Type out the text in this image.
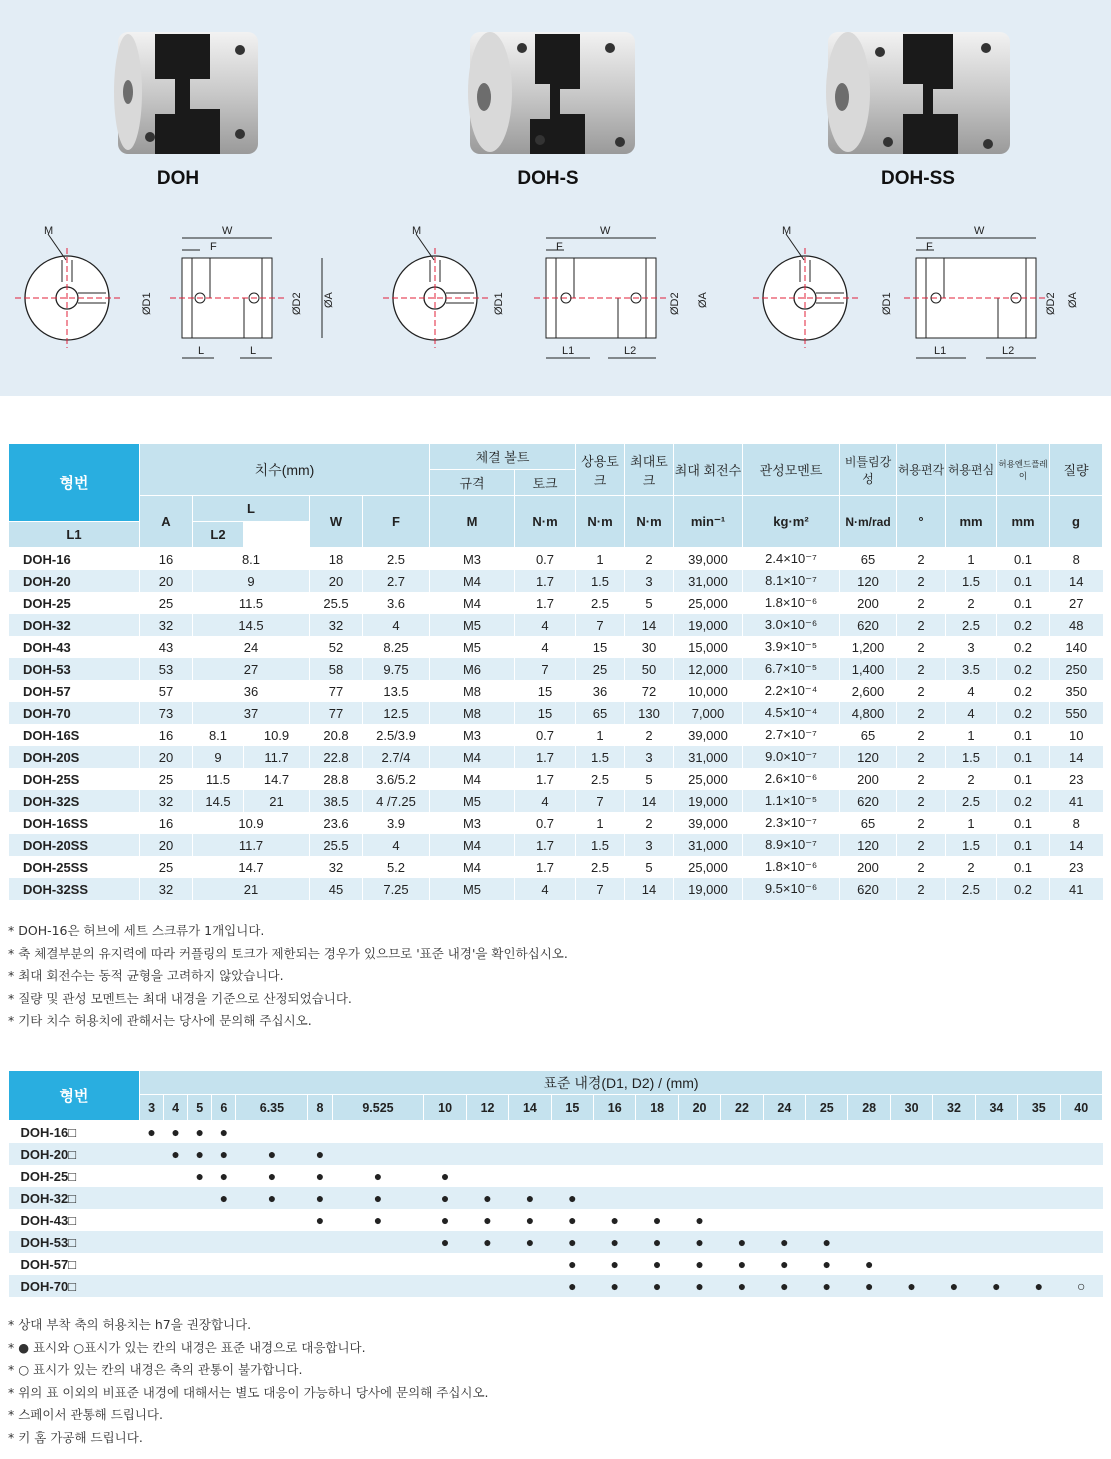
DOH	DOH-S	DOH-SS
M	W
F
ØD1	ØD2 ØA
L	L
M	W
F
ØD1	ØD2 ØA
L1	L2
M	W
F
ØD1	ØD2 ØA
L1	L2
형번	치수(mm)					체결 볼트		상용토크	최대토크	최대 회전수	관성모멘트	비틀림강성	허용편각	허용편심	허용엔드플레이	질량
						규격	토크									
	A	L		W	F	M	N·m	N·m	N·m	min⁻¹	kg·m²	N·m/rad	°	mm	mm	g
L1		L2														
DOH-16	16	8.1		18	2.5	M3	0.7	1	2	39,000	2.4×10⁻⁷	65	2	1	0.1	8
DOH-20	20	9		20	2.7	M4	1.7	1.5	3	31,000	8.1×10⁻⁷	120	2	1.5	0.1	14
DOH-25	25	11.5		25.5	3.6	M4	1.7	2.5	5	25,000	1.8×10⁻⁶	200	2	2	0.1	27
DOH-32	32	14.5		32	4	M5	4	7	14	19,000	3.0×10⁻⁶	620	2	2.5	0.2	48
DOH-43	43	24		52	8.25	M5	4	15	30	15,000	3.9×10⁻⁵	1,200	2	3	0.2	140
DOH-53	53	27		58	9.75	M6	7	25	50	12,000	6.7×10⁻⁵	1,400	2	3.5	0.2	250
DOH-57	57	36		77	13.5	M8	15	36	72	10,000	2.2×10⁻⁴	2,600	2	4	0.2	350
DOH-70	73	37		77	12.5	M8	15	65	130	7,000	4.5×10⁻⁴	4,800	2	4	0.2	550
DOH-16S	16	8.1	10.9	20.8	2.5/3.9	M3	0.7	1	2	39,000	2.7×10⁻⁷	65	2	1	0.1	10
DOH-20S	20	9	11.7	22.8	2.7/4	M4	1.7	1.5	3	31,000	9.0×10⁻⁷	120	2	1.5	0.1	14
DOH-25S	25	11.5	14.7	28.8	3.6/5.2	M4	1.7	2.5	5	25,000	2.6×10⁻⁶	200	2	2	0.1	23
DOH-32S	32	14.5	21	38.5	4 /7.25	M5	4	7	14	19,000	1.1×10⁻⁵	620	2	2.5	0.2	41
DOH-16SS	16	10.9		23.6	3.9	M3	0.7	1	2	39,000	2.3×10⁻⁷	65	2	1	0.1	8
DOH-20SS	20	11.7		25.5	4	M4	1.7	1.5	3	31,000	8.9×10⁻⁷	120	2	1.5	0.1	14
DOH-25SS	25	14.7		32	5.2	M4	1.7	2.5	5	25,000	1.8×10⁻⁶	200	2	2	0.1	23
DOH-32SS	32	21		45	7.25	M5	4	7	14	19,000	9.5×10⁻⁶	620	2	2.5	0.2	41
* DOH-16은 허브에 세트 스크류가 1개입니다.
* 축 체결부분의 유지력에 따라 커플링의 토크가 제한되는 경우가 있으므로 '표준 내경'을 확인하십시오.
* 최대 회전수는 동적 균형을 고려하지 않았습니다.
* 질량 및 관성 모멘트는 최대 내경을 기준으로 산정되었습니다.
* 기타 치수 허용치에 관해서는 당사에 문의해 주십시오.
형번	표준 내경(D1, D2) / (mm)																						
	3	4	5	6	6.35	8	9.525	10	12	14	15	16	18	20	22	24	25	28	30	32	34	35	40
DOH-16□	●	●	●	●																			
DOH-20□		●	●	●	●	●																	
DOH-25□			●	●	●	●	●	●															
DOH-32□				●	●	●	●	●	●	●	●												
DOH-43□						●	●	●	●	●	●	●	●	●									
DOH-53□								●	●	●	●	●	●	●	●	●	●						
DOH-57□											●	●	●	●	●	●	●	●					
DOH-70□											●	●	●	●	●	●	●	●	●	●	●	●	○
* 상대 부착 축의 허용치는 h7을 권장합니다.
* ● 표시와 ○표시가 있는 칸의 내경은 표준 내경으로 대응합니다.
* ○ 표시가 있는 칸의 내경은 축의 관통이 불가합니다.
* 위의 표 이외의 비표준 내경에 대해서는 별도 대응이 가능하니 당사에 문의해 주십시오.
* 스페이서 관통해 드립니다.
* 키 홈 가공해 드립니다.
